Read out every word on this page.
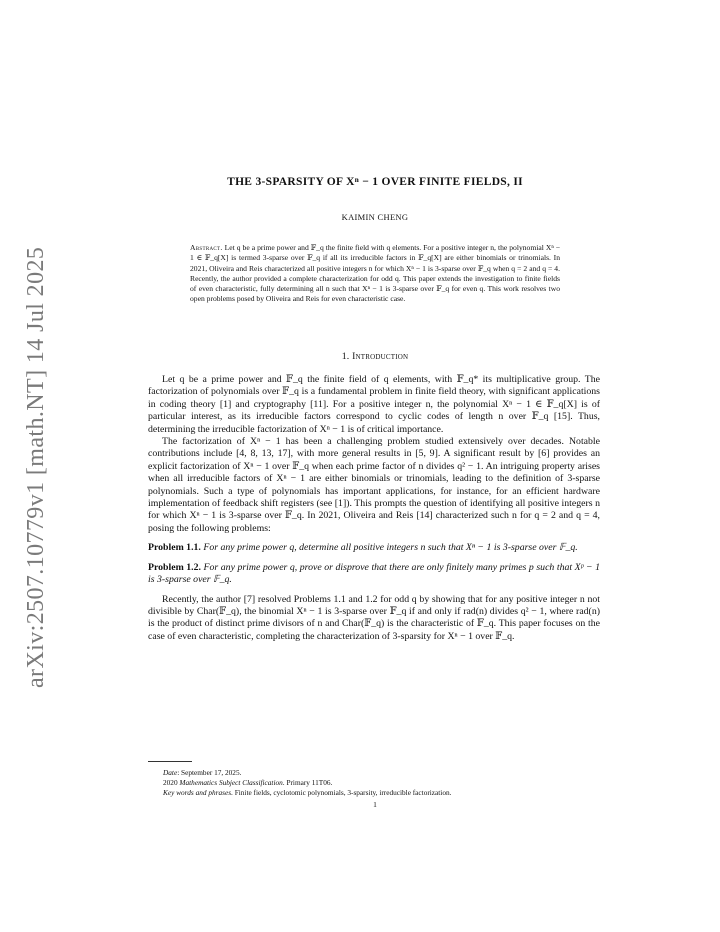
arXiv:2507.10779v1 [math.NT] 14 Jul 2025
THE 3-SPARSITY OF Xⁿ − 1 OVER FINITE FIELDS, II
KAIMIN CHENG
Abstract. Let q be a prime power and 𝔽_q the finite field with q elements. For a positive integer n, the polynomial Xⁿ − 1 ∈ 𝔽_q[X] is termed 3-sparse over 𝔽_q if all its irreducible factors in 𝔽_q[X] are either binomials or trinomials. In 2021, Oliveira and Reis characterized all positive integers n for which Xⁿ − 1 is 3-sparse over 𝔽_q when q = 2 and q = 4. Recently, the author provided a complete characterization for odd q. This paper extends the investigation to finite fields of even characteristic, fully determining all n such that Xⁿ − 1 is 3-sparse over 𝔽_q for even q. This work resolves two open problems posed by Oliveira and Reis for even characteristic case.
1. Introduction

Let q be a prime power and 𝔽_q the finite field of q elements, with 𝔽_q* its multiplicative group. The factorization of polynomials over 𝔽_q is a fundamental problem in finite field theory, with significant applications in coding theory [1] and cryptography [11]. For a positive integer n, the polynomial Xⁿ − 1 ∈ 𝔽_q[X] is of particular interest, as its irreducible factors correspond to cyclic codes of length n over 𝔽_q [15]. Thus, determining the irreducible factorization of Xⁿ − 1 is of critical importance.

The factorization of Xⁿ − 1 has been a challenging problem studied extensively over decades. Notable contributions include [4, 8, 13, 17], with more general results in [5, 9]. A significant result by [6] provides an explicit factorization of Xⁿ − 1 over 𝔽_q when each prime factor of n divides q² − 1. An intriguing property arises when all irreducible factors of Xⁿ − 1 are either binomials or trinomials, leading to the definition of 3-sparse polynomials. Such a type of polynomials has important applications, for instance, for an efficient hardware implementation of feedback shift registers (see [1]). This prompts the question of identifying all positive integers n for which Xⁿ − 1 is 3-sparse over 𝔽_q. In 2021, Oliveira and Reis [14] characterized such n for q = 2 and q = 4, posing the following problems:

Problem 1.1. For any prime power q, determine all positive integers n such that Xⁿ − 1 is 3-sparse over 𝔽_q.

Problem 1.2. For any prime power q, prove or disprove that there are only finitely many primes p such that Xᵖ − 1 is 3-sparse over 𝔽_q.

Recently, the author [7] resolved Problems 1.1 and 1.2 for odd q by showing that for any positive integer n not divisible by Char(𝔽_q), the binomial Xⁿ − 1 is 3-sparse over 𝔽_q if and only if rad(n) divides q² − 1, where rad(n) is the product of distinct prime divisors of n and Char(𝔽_q) is the characteristic of 𝔽_q. This paper focuses on the case of even characteristic, completing the characterization of 3-sparsity for Xⁿ − 1 over 𝔽_q.

Date: September 17, 2025.
2020 Mathematics Subject Classification. Primary 11T06.
Key words and phrases. Finite fields, cyclotomic polynomials, 3-sparsity, irreducible factorization.
1
